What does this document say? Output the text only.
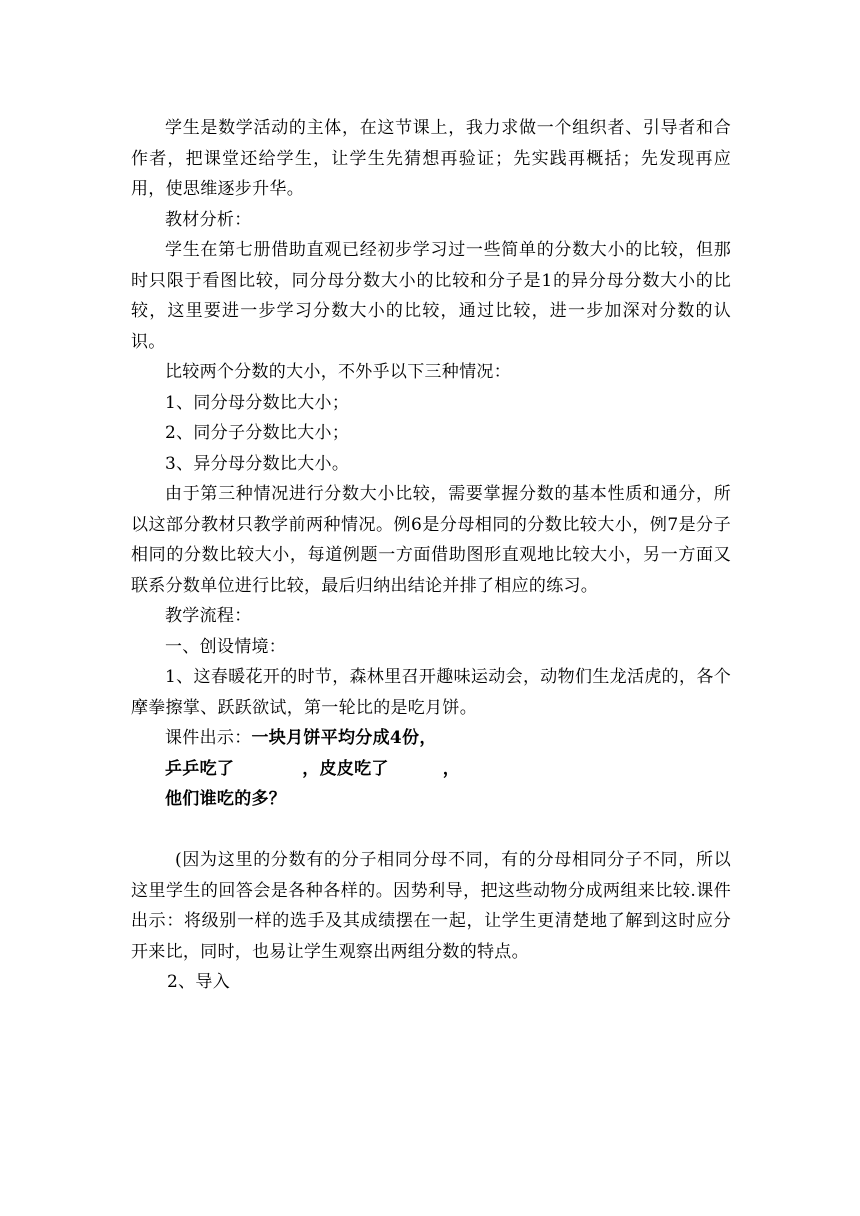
学生是数学活动的主体，在这节课上，我力求做一个组织者、引导者和合作者，把课堂还给学生，让学生先猜想再验证；先实践再概括；先发现再应用，使思维逐步升华。

教材分析：

学生在第七册借助直观已经初步学习过一些简单的分数大小的比较，但那时只限于看图比较，同分母分数大小的比较和分子是1的异分母分数大小的比较，这里要进一步学习分数大小的比较，通过比较，进一步加深对分数的认识。

比较两个分数的大小，不外乎以下三种情况：

1、同分母分数比大小；

2、同分子分数比大小；

3、异分母分数比大小。

由于第三种情况进行分数大小比较，需要掌握分数的基本性质和通分，所以这部分教材只教学前两种情况。例6是分母相同的分数比较大小，例7是分子相同的分数比较大小，每道例题一方面借助图形直观地比较大小，另一方面又联系分数单位进行比较，最后归纳出结论并排了相应的练习。

教学流程：

一、创设情境：

1、这春暖花开的时节，森林里召开趣味运动会，动物们生龙活虎的，各个摩拳擦掌、跃跃欲试，第一轮比的是吃月饼。

课件出示：一块月饼平均分成4份，

乒乒吃了	，皮皮吃了	，

他们谁吃的多？

(因为这里的分数有的分子相同分母不同，有的分母相同分子不同，所以这里学生的回答会是各种各样的。因势利导，把这些动物分成两组来比较.课件出示：将级别一样的选手及其成绩摆在一起，让学生更清楚地了解到这时应分开来比，同时，也易让学生观察出两组分数的特点。

2、导入
